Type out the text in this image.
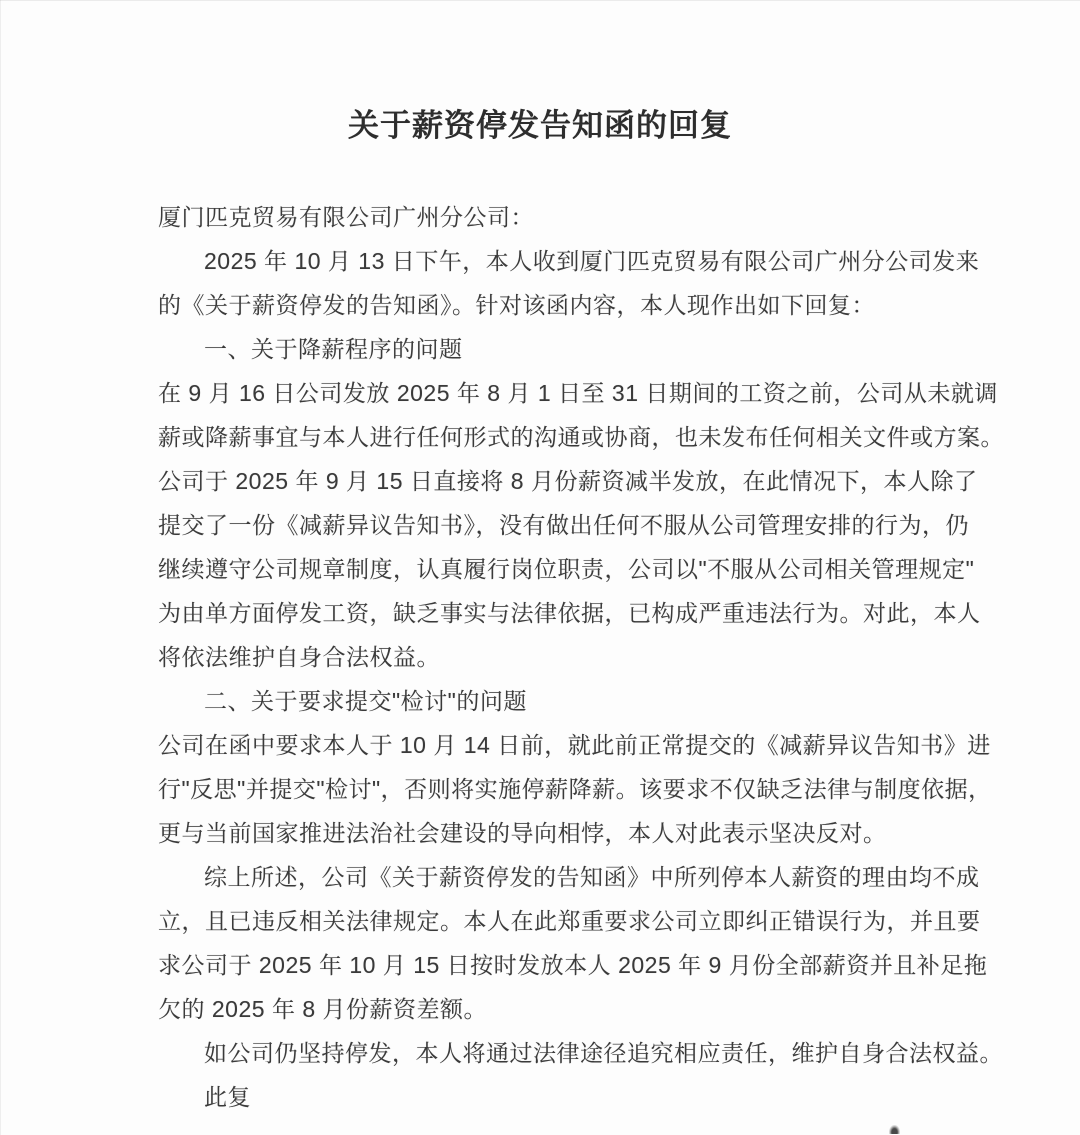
关于薪资停发告知函的回复
厦门匹克贸易有限公司广州分公司：
2025 年 10 月 13 日下午，本人收到厦门匹克贸易有限公司广州分公司发来
的《关于薪资停发的告知函》。针对该函内容，本人现作出如下回复：
一、关于降薪程序的问题
在 9 月 16 日公司发放 2025 年 8 月 1 日至 31 日期间的工资之前，公司从未就调
薪或降薪事宜与本人进行任何形式的沟通或协商，也未发布任何相关文件或方案。
公司于 2025 年 9 月 15 日直接将 8 月份薪资减半发放，在此情况下，本人除了
提交了一份《减薪异议告知书》，没有做出任何不服从公司管理安排的行为，仍
继续遵守公司规章制度，认真履行岗位职责，公司以"不服从公司相关管理规定"
为由单方面停发工资，缺乏事实与法律依据，已构成严重违法行为。对此，本人
将依法维护自身合法权益。
二、关于要求提交"检讨"的问题
公司在函中要求本人于 10 月 14 日前，就此前正常提交的《减薪异议告知书》进
行"反思"并提交"检讨"，否则将实施停薪降薪。该要求不仅缺乏法律与制度依据，
更与当前国家推进法治社会建设的导向相悖，本人对此表示坚决反对。
综上所述，公司《关于薪资停发的告知函》中所列停本人薪资的理由均不成
立，且已违反相关法律规定。本人在此郑重要求公司立即纠正错误行为，并且要
求公司于 2025 年 10 月 15 日按时发放本人 2025 年 9 月份全部薪资并且补足拖
欠的 2025 年 8 月份薪资差额。
如公司仍坚持停发，本人将通过法律途径追究相应责任，维护自身合法权益。
此复
